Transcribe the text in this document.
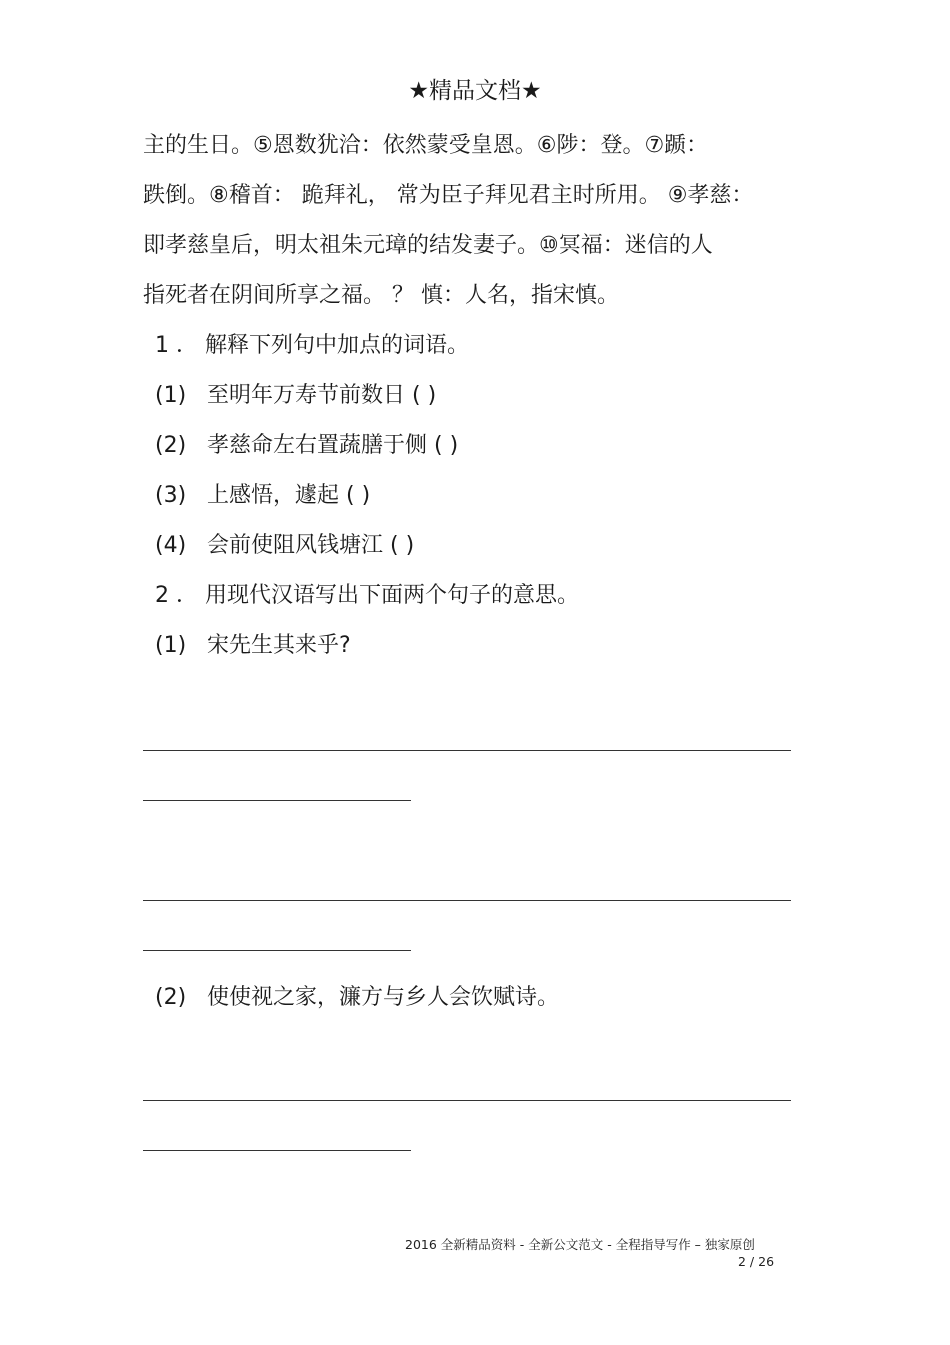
★精品文档★
主的生日。⑤恩数犹洽：依然蒙受皇恩。⑥陟：登。⑦踬：
跌倒。⑧稽首： 跪拜礼， 常为臣子拜见君主时所用。 ⑨孝慈：
即孝慈皇后，明太祖朱元璋的结发妻子。⑩冥福：迷信的人
指死者在阴间所享之福。 ？ 慎：人名，指宋慎。
1 ． 解释下列句中加点的词语。
(1) 至明年万寿节前数日 ( )
(2) 孝慈命左右置蔬膳于侧 ( )
(3) 上感悟，遽起 ( )
(4) 会前使阻风钱塘江 ( )
2 ． 用现代汉语写出下面两个句子的意思。
(1) 宋先生其来乎?
(2) 使使视之家，濂方与乡人会饮赋诗。
2016 全新精品资料 - 全新公文范文 - 全程指导写作 – 独家原创
2 / 26
